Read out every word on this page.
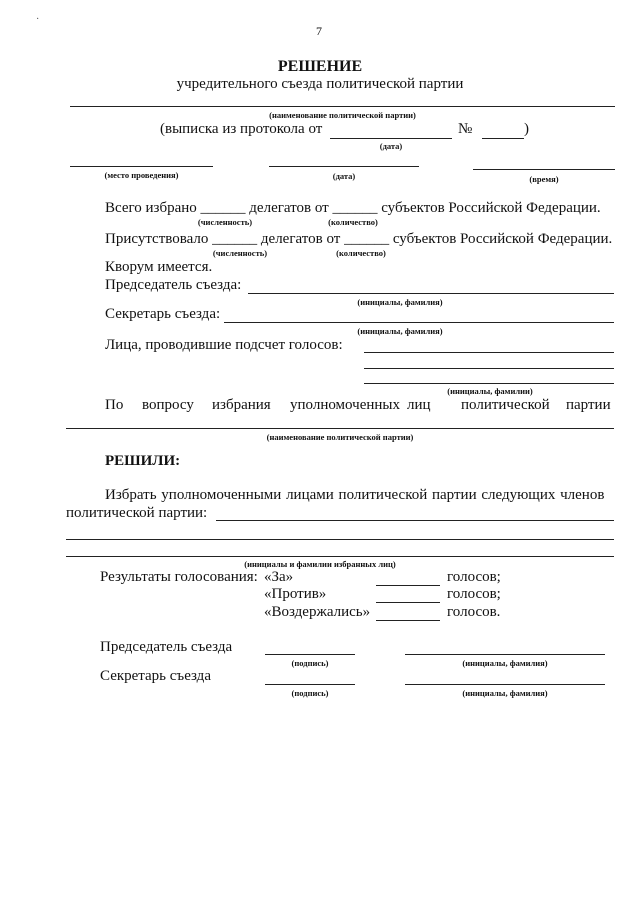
·
7
РЕШЕНИЕ
учредительного съезда политической партии
(наименование политической партии)
(выписка из протокола от	№	)
(дата)
(место проведения)	(дата)	(время)
Всего избрано ______ делегатов от ______ субъектов Российской Федерации.
(численность)	(количество)
Присутствовало ______ делегатов от ______ субъектов Российской Федерации.
(численность)	(количество)
Кворум имеется.
Председатель съезда:
(инициалы, фамилия)
Секретарь съезда:
(инициалы, фамилия)
Лица, проводившие подсчет голосов:
(инициалы, фамилии)
По вопросу избрания уполномоченных лиц политической партии
(наименование политической партии)
РЕШИЛИ:
Избрать уполномоченными лицами политической партии следующих членов
политической партии:
(инициалы и фамилии избранных лиц)
Результаты голосования: «За»	голосов;
«Против»	голосов;
«Воздержались»	голосов.
Председатель съезда
(подпись)	(инициалы, фамилия)
Секретарь съезда
(подпись)	(инициалы, фамилия)
